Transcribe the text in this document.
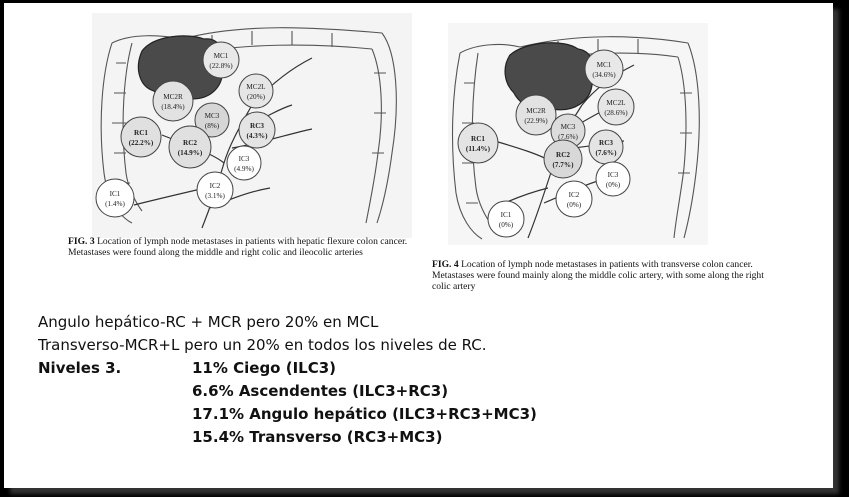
MC1
(22.8%)
MC2L
(20%)
MC2R
(18.4%)
MC3
(8%)	RC3
(4.3%)
RC1
(22.2%)	RC2
(14.9%)
IC3
(4.9%)
IC2
(3.1%)
IC1
(1.4%)
FIG. 3 Location of lymph node metastases in patients with hepatic flexure colon cancer. Metastases were found along the middle and right colic and ileocolic arteries
MC1
(34.6%)
MC2L
(28.6%)
MC2R
(22.9%)
MC3
(7.6%)
RC3
(7.6%)
RC1
(11.4%)
RC2
(7.7%)
IC3
(0%)
IC2
(0%)
IC1
(0%)
FIG. 4 Location of lymph node metastases in patients with transverse colon cancer. Metastases were found mainly along the middle colic artery, with some along the right colic artery
Angulo hepático-RC + MCR pero 20% en MCL
Transverso-MCR+L pero un 20% en todos los niveles de RC.
Niveles 3.	11% Ciego (ILC3)
6.6% Ascendentes (ILC3+RC3)
17.1% Angulo hepático (ILC3+RC3+MC3)
15.4% Transverso (RC3+MC3)
